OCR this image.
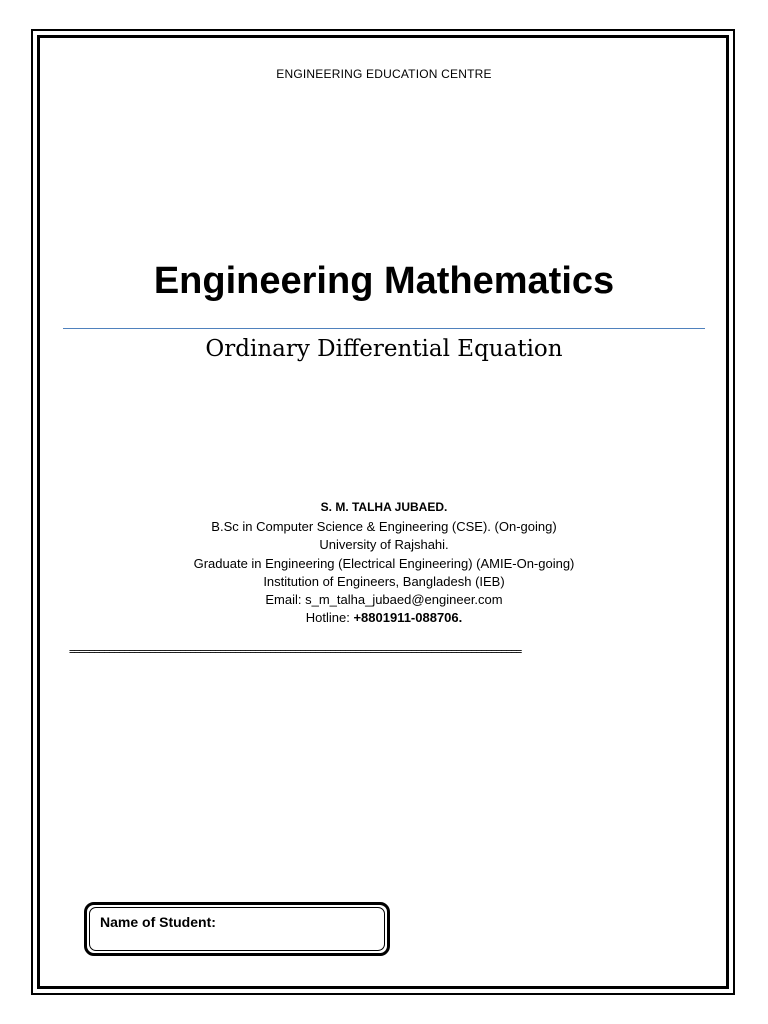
ENGINEERING EDUCATION CENTRE
Engineering Mathematics
Ordinary Differential Equation
S. M. TALHA JUBAED.
B.Sc in Computer Science & Engineering (CSE). (On-going)
University of Rajshahi.
Graduate in Engineering (Electrical Engineering) (AMIE-On-going)
Institution of Engineers, Bangladesh (IEB)
Email: s_m_talha_jubaed@engineer.com
Hotline: +8801911-088706.
==========================================================================================
Name of Student:
